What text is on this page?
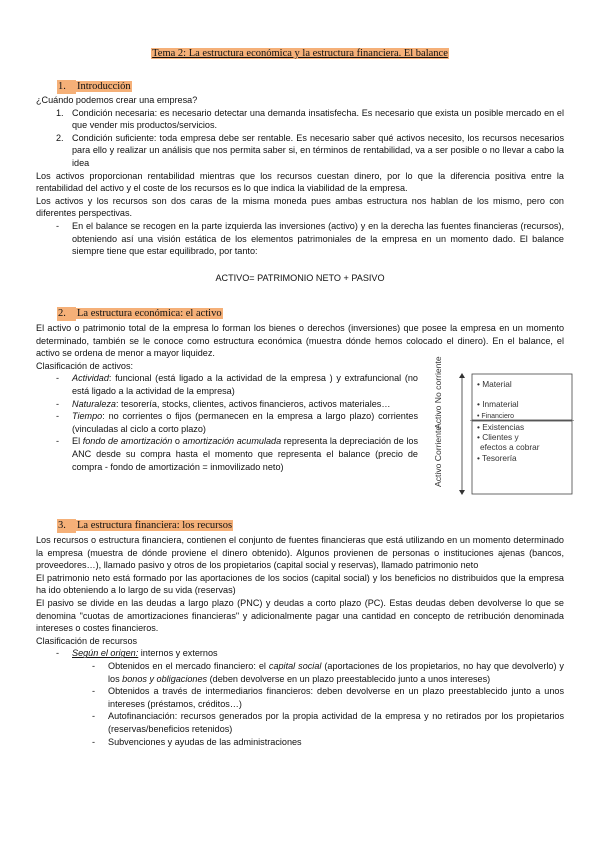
Tema 2: La estructura económica y la estructura financiera. El balance
1. Introducción
¿Cuándo podemos crear una empresa?
1. Condición necesaria: es necesario detectar una demanda insatisfecha. Es necesario que exista un posible mercado en el que vender mis productos/servicios.
2. Condición suficiente: toda empresa debe ser rentable. Es necesario saber qué activos necesito, los recursos necesarios para ello y realizar un análisis que nos permita saber si, en términos de rentabilidad, va a ser posible o no llevar a cabo la idea
Los activos proporcionan rentabilidad mientras que los recursos cuestan dinero, por lo que la diferencia positiva entre la rentabilidad del activo y el coste de los recursos es lo que indica la viabilidad de la empresa.
Los activos y los recursos son dos caras de la misma moneda pues ambas estructura nos hablan de los mismo, pero con diferentes perspectivas.
- En el balance se recogen en la parte izquierda las inversiones (activo) y en la derecha las fuentes financieras (recursos), obteniendo así una visión estática de los elementos patrimoniales de la empresa en un momento dado. El balance siempre tiene que estar equilibrado, por tanto:
ACTIVO= PATRIMONIO NETO + PASIVO
2. La estructura económica: el activo
El activo o patrimonio total de la empresa lo forman los bienes o derechos (inversiones) que posee la empresa en un momento determinado, también se le conoce como estructura económica (muestra dónde hemos colocado el dinero). En el balance, el activo se ordena de menor a mayor liquidez.
Clasificación de activos:
- Actividad: funcional (está ligado a la actividad de la empresa ) y extrafuncional (no está ligado a la actividad de la empresa)
- Naturaleza: tesorería, stocks, clientes, activos financieros, activos materiales…
- Tiempo: no corrientes o fijos (permanecen en la empresa a largo plazo) corrientes (vinculadas al ciclo a corto plazo)
- El fondo de amortización o amortización acumulada representa la depreciación de los ANC desde su compra hasta el momento que representa el balance (precio de compra - fondo de amortización = inmovilizado neto)
Activo No corriente
Activo Corriente
• Material
• Inmaterial
• Financiero
• Existencias
• Clientes y
efectos a cobrar
• Tesorería
3. La estructura financiera: los recursos
Los recursos o estructura financiera, contienen el conjunto de fuentes financieras que está utilizando en un momento determinado la empresa (muestra de dónde proviene el dinero obtenido). Algunos provienen de personas o instituciones ajenas (bancos, proveedores…), llamado pasivo y otros de los propietarios (capital social y reservas), llamado patrimonio neto
El patrimonio neto está formado por las aportaciones de los socios (capital social) y los beneficios no distribuidos que la empresa ha ido obteniendo a lo largo de su vida (reservas)
El pasivo se divide en las deudas a largo plazo (PNC) y deudas a corto plazo (PC). Estas deudas deben devolverse lo que se denomina "cuotas de amortizaciones financieras" y adicionalmente pagar una cantidad en concepto de retribución denominada intereses o costes financieros.
Clasificación de recursos
- Según el origen: internos y externos
- Obtenidos en el mercado financiero: el capital social (aportaciones de los propietarios, no hay que devolverlo) y los bonos y obligaciones (deben devolverse en un plazo preestablecido junto a unos intereses)
- Obtenidos a través de intermediarios financieros: deben devolverse en un plazo preestablecido junto a unos intereses (préstamos, créditos…)
- Autofinanciación: recursos generados por la propia actividad de la empresa y no retirados por los propietarios (reservas/beneficios retenidos)
- Subvenciones y ayudas de las administraciones
